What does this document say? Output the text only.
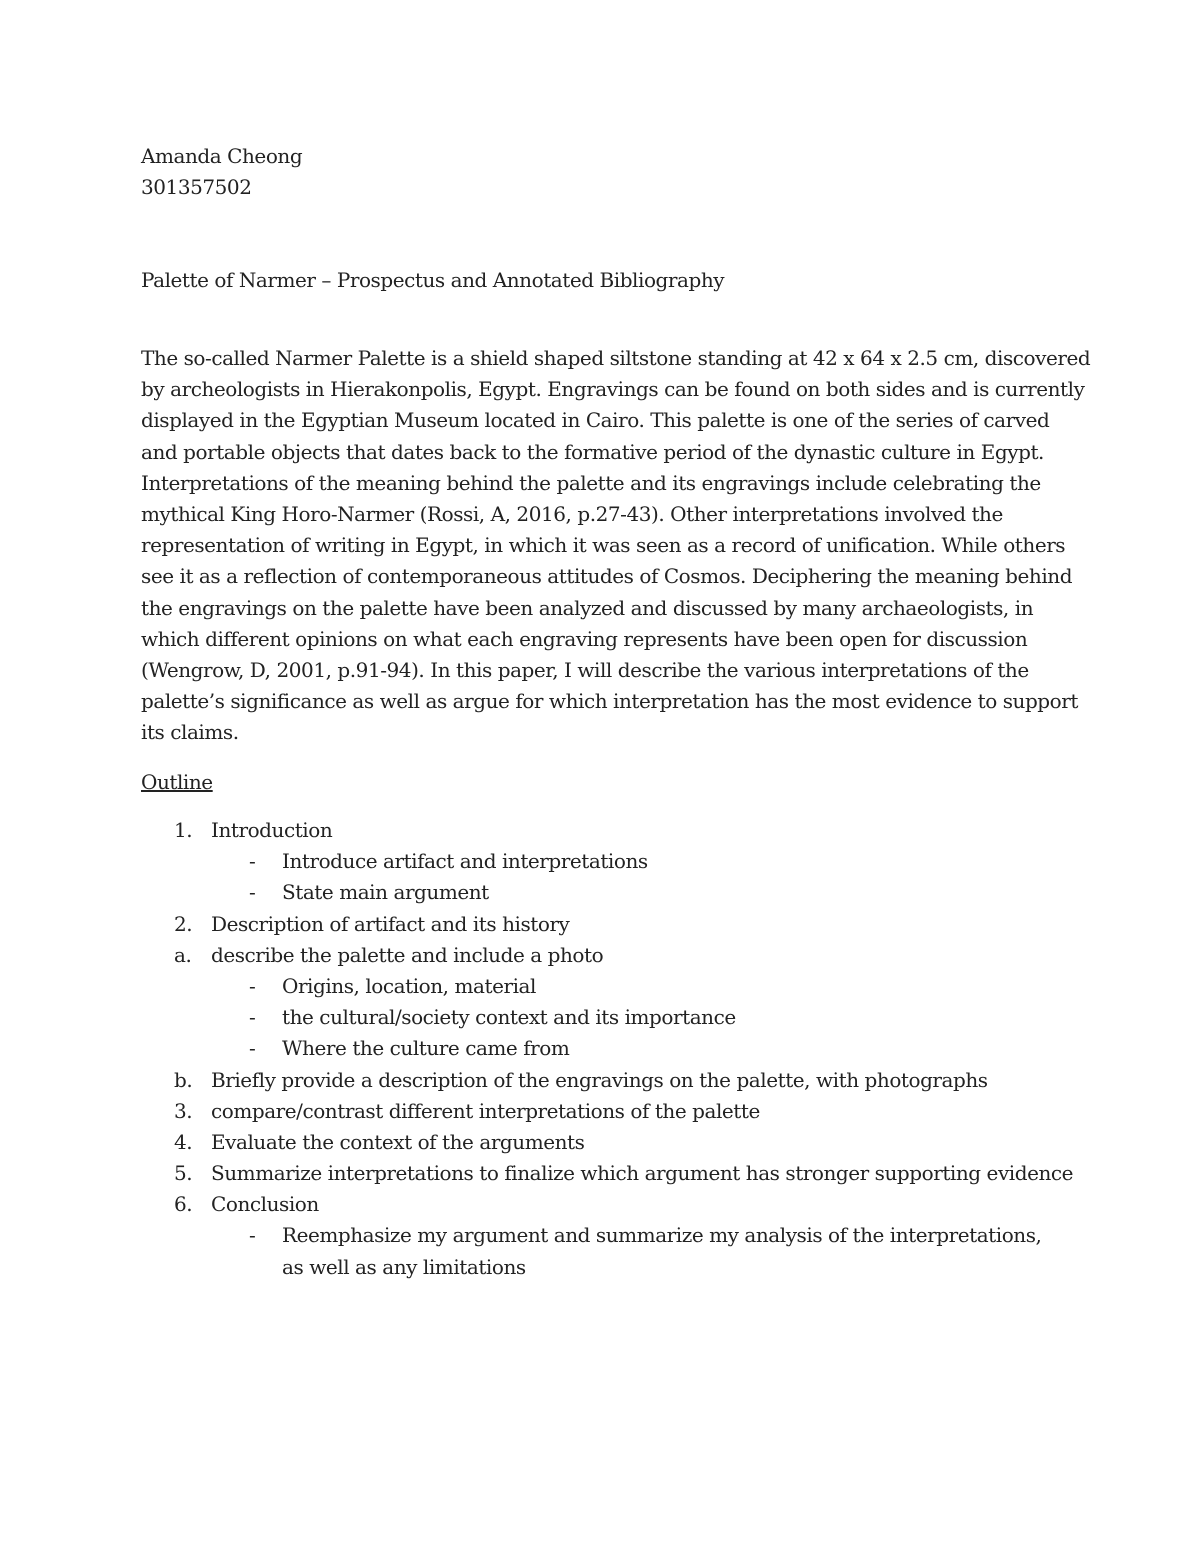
Amanda Cheong
301357502
Palette of Narmer – Prospectus and Annotated Bibliography
The so-called Narmer Palette is a shield shaped siltstone standing at 42 x 64 x 2.5 cm, discovered
by archeologists in Hierakonpolis, Egypt. Engravings can be found on both sides and is currently
displayed in the Egyptian Museum located in Cairo. This palette is one of the series of carved
and portable objects that dates back to the formative period of the dynastic culture in Egypt.
Interpretations of the meaning behind the palette and its engravings include celebrating the
mythical King Horo-Narmer (Rossi, A, 2016, p.27-43). Other interpretations involved the
representation of writing in Egypt, in which it was seen as a record of unification. While others
see it as a reflection of contemporaneous attitudes of Cosmos. Deciphering the meaning behind
the engravings on the palette have been analyzed and discussed by many archaeologists, in
which different opinions on what each engraving represents have been open for discussion
(Wengrow, D, 2001, p.91-94). In this paper, I will describe the various interpretations of the
palette’s significance as well as argue for which interpretation has the most evidence to support
its claims.
Outline
1. Introduction
- Introduce artifact and interpretations
- State main argument
2. Description of artifact and its history
a. describe the palette and include a photo
- Origins, location, material
- the cultural/society context and its importance
- Where the culture came from
b. Briefly provide a description of the engravings on the palette, with photographs
3. compare/contrast different interpretations of the palette
4. Evaluate the context of the arguments
5. Summarize interpretations to finalize which argument has stronger supporting evidence
6. Conclusion
- Reemphasize my argument and summarize my analysis of the interpretations, as well as any limitations
